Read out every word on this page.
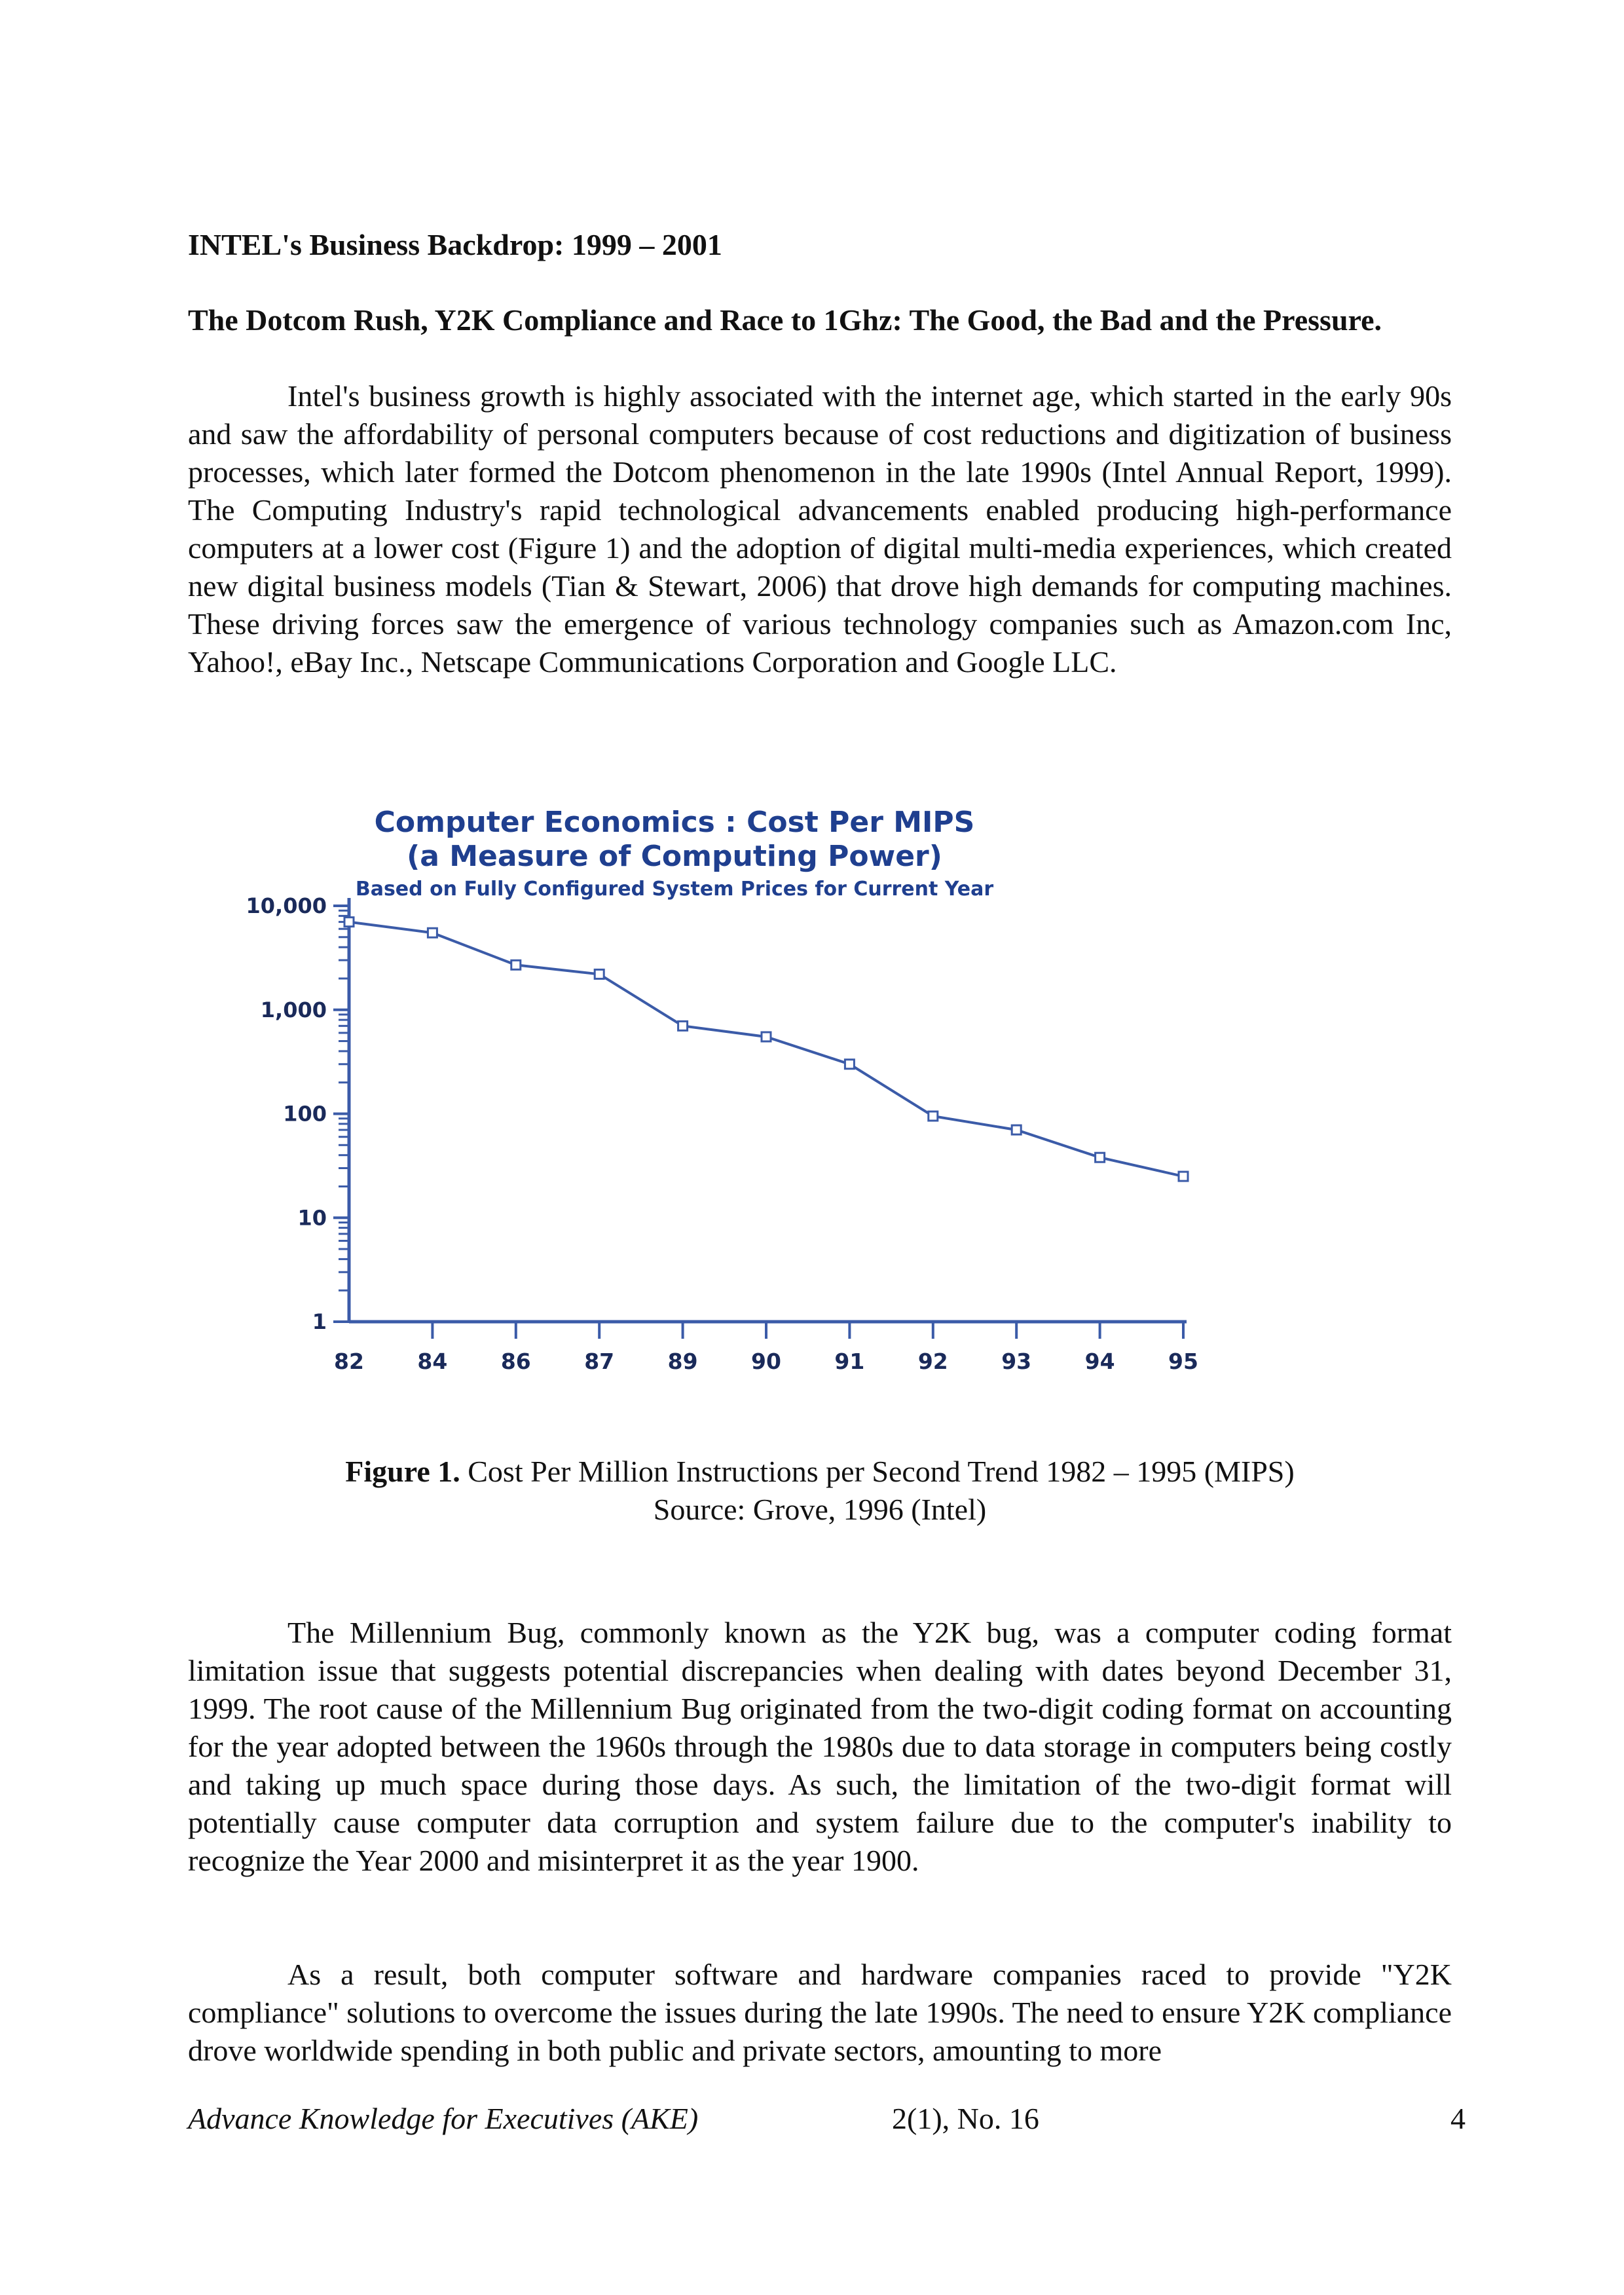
INTEL's Business Backdrop: 1999 – 2001
The Dotcom Rush, Y2K Compliance and Race to 1Ghz: The Good, the Bad and the Pressure.
Intel's business growth is highly associated with the internet age, which started in the early 90s and saw the affordability of personal computers because of cost reductions and digitization of business processes, which later formed the Dotcom phenomenon in the late 1990s (Intel Annual Report, 1999). The Computing Industry's rapid technological advancements enabled producing high-performance computers at a lower cost (Figure 1) and the adoption of digital multi-media experiences, which created new digital business models (Tian & Stewart, 2006) that drove high demands for computing machines. These driving forces saw the emergence of various technology companies such as Amazon.com Inc, Yahoo!, eBay Inc., Netscape Communications Corporation and Google LLC.
Computer Economics : Cost Per MIPS
(a Measure of Computing Power)
Based on Fully Configured System Prices for Current Year
10,000
1,000
100
10
1
82 84 86 87 89 90 91 92 93 94 95
Figure 1. Cost Per Million Instructions per Second Trend 1982 – 1995 (MIPS)
Source: Grove, 1996 (Intel)
The Millennium Bug, commonly known as the Y2K bug, was a computer coding format limitation issue that suggests potential discrepancies when dealing with dates beyond December 31, 1999. The root cause of the Millennium Bug originated from the two-digit coding format on accounting for the year adopted between the 1960s through the 1980s due to data storage in computers being costly and taking up much space during those days. As such, the limitation of the two-digit format will potentially cause computer data corruption and system failure due to the computer's inability to recognize the Year 2000 and misinterpret it as the year 1900.
As a result, both computer software and hardware companies raced to provide "Y2K compliance" solutions to overcome the issues during the late 1990s. The need to ensure Y2K compliance drove worldwide spending in both public and private sectors, amounting to more
Advance Knowledge for Executives (AKE)	2(1), No. 16	4
